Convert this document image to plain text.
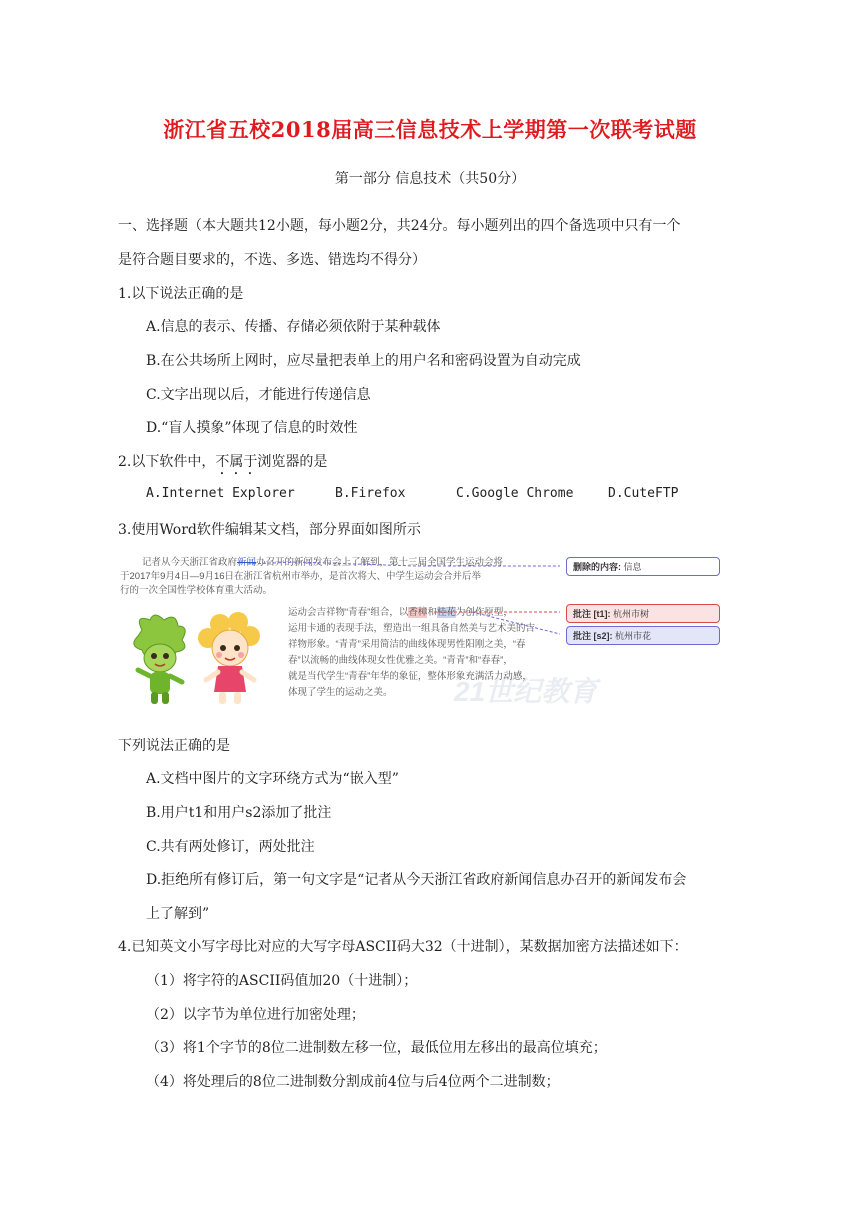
浙江省五校2018届高三信息技术上学期第一次联考试题
第一部分 信息技术（共50分）
一、选择题（本大题共12小题，每小题2分，共24分。每小题列出的四个备选项中只有一个
是符合题目要求的，不选、多选、错选均不得分）
1.以下说法正确的是
A.信息的表示、传播、存储必须依附于某种载体
B.在公共场所上网时，应尽量把表单上的用户名和密码设置为自动完成
C.文字出现以后，才能进行传递信息
D.“盲人摸象”体现了信息的时效性
2.以下软件中，不属于浏览器的是
A.Internet Explorer	B.Firefox	C.Google Chrome	D.CuteFTP
3.使用Word软件编辑某文档，部分界面如图所示
21世纪教育
记者从今天浙江省政府新闻办召开的新闻发布会上了解到，第十三届全国学生运动会将
于2017年9月4日—9月16日在浙江省杭州市举办，是首次将大、中学生运动会合并后举
行的一次全国性学校体育重大活动。
运动会吉祥物“青春”组合，以香樟和桂花为创作原型，
运用卡通的表现手法，塑造出一组具备自然美与艺术美的吉
祥物形象。“青青”采用简洁的曲线体现男性阳刚之美，“春
春”以流畅的曲线体现女性优雅之美。“青青”和“春春”，
就是当代学生“青春”年华的象征，整体形象充满活力动感，
体现了学生的运动之美。
删除的内容: 信息
批注 [t1]: 杭州市树
批注 [s2]: 杭州市花
下列说法正确的是
A.文档中图片的文字环绕方式为“嵌入型”
B.用户t1和用户s2添加了批注
C.共有两处修订，两处批注
D.拒绝所有修订后，第一句文字是“记者从今天浙江省政府新闻信息办召开的新闻发布会
上了解到”
4.已知英文小写字母比对应的大写字母ASCII码大32（十进制），某数据加密方法描述如下：
（1）将字符的ASCII码值加20（十进制）；
（2）以字节为单位进行加密处理；
（3）将1个字节的8位二进制数左移一位，最低位用左移出的最高位填充；
（4）将处理后的8位二进制数分割成前4位与后4位两个二进制数；
